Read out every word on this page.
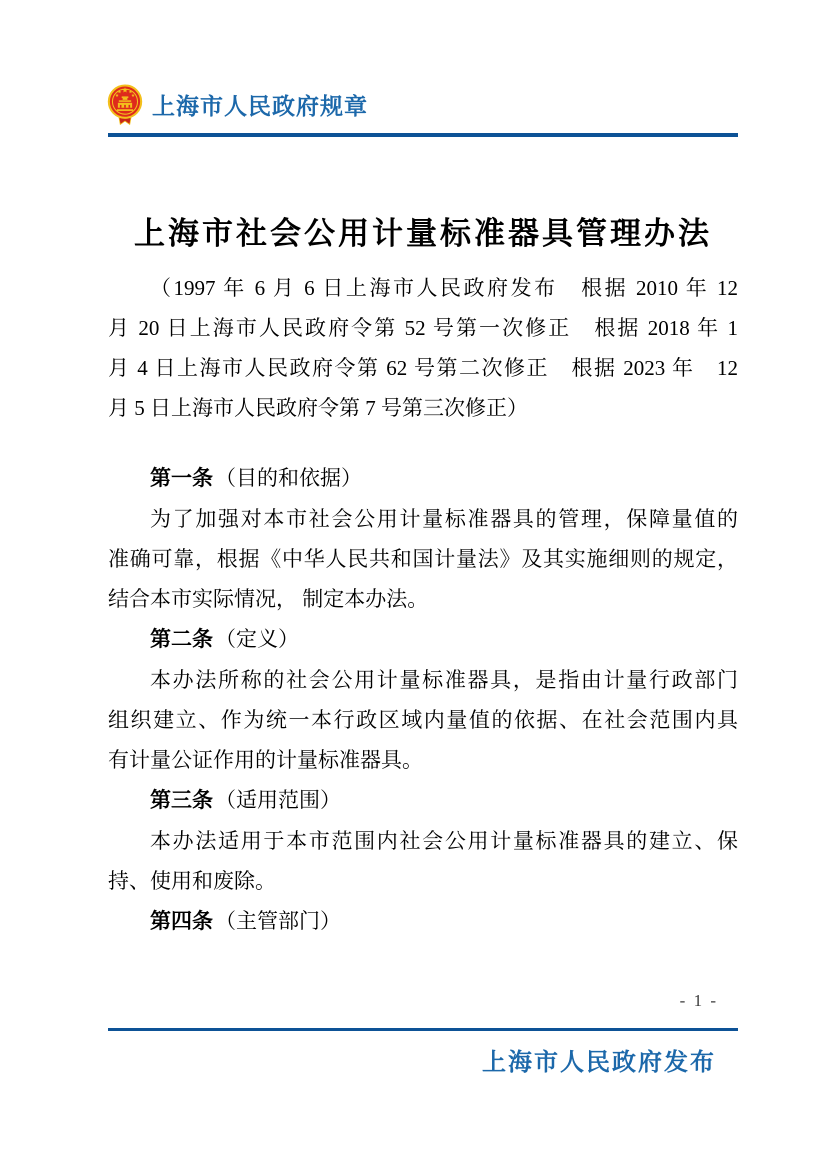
上海市人民政府规章
上海市社会公用计量标准器具管理办法
（1997 年 6 月 6 日上海市人民政府发布　根据 2010 年 12
月 20 日上海市人民政府令第 52 号第一次修正　根据 2018 年 1
月 4 日上海市人民政府令第 62 号第二次修正　根据 2023 年　12
月 5 日上海市人民政府令第 7 号第三次修正）
第一条（目的和依据）
为了加强对本市社会公用计量标准器具的管理，保障量值的
准确可靠，根据《中华人民共和国计量法》及其实施细则的规定，
结合本市实际情况， 制定本办法。
第二条（定义）
本办法所称的社会公用计量标准器具，是指由计量行政部门
组织建立、作为统一本行政区域内量值的依据、在社会范围内具
有计量公证作用的计量标准器具。
第三条（适用范围）
本办法适用于本市范围内社会公用计量标准器具的建立、保
持、使用和废除。
第四条（主管部门）
- 1 -
上海市人民政府发布
